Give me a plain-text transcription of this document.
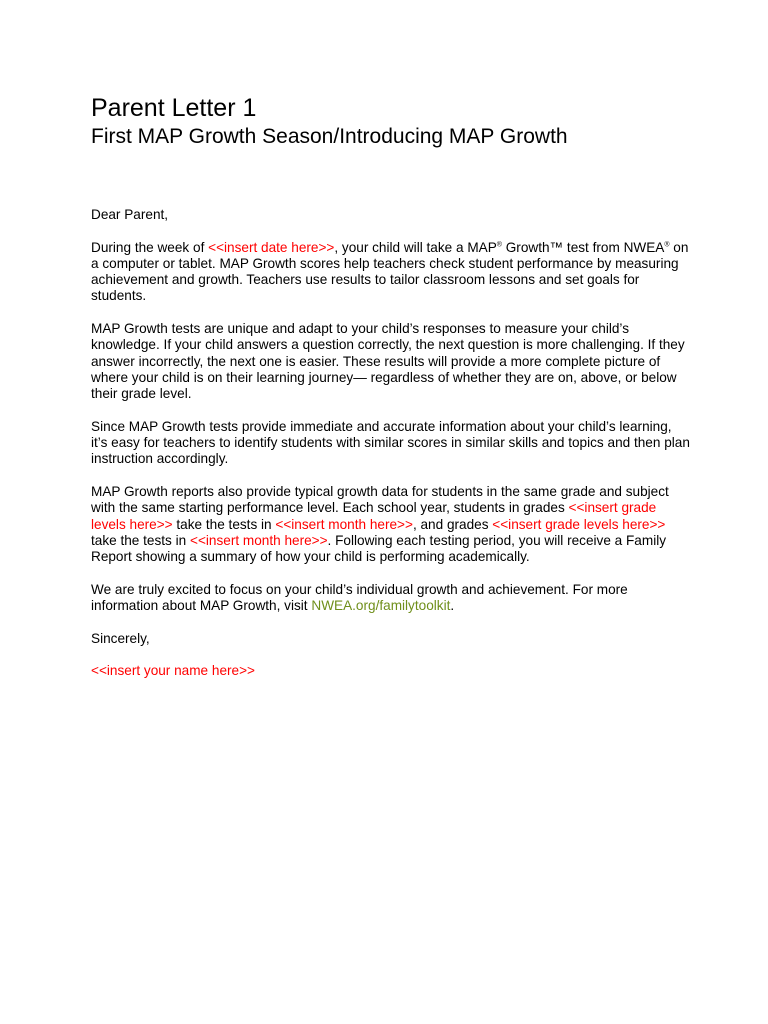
Parent Letter 1
First MAP Growth Season/Introducing MAP Growth

Dear Parent,

During the week of <<insert date here>>, your child will take a MAP® Growth™ test from NWEA® on a computer or tablet. MAP Growth scores help teachers check student performance by measuring achievement and growth. Teachers use results to tailor classroom lessons and set goals for students.

MAP Growth tests are unique and adapt to your child’s responses to measure your child’s knowledge. If your child answers a question correctly, the next question is more challenging. If they answer incorrectly, the next one is easier. These results will provide a more complete picture of where your child is on their learning journey— regardless of whether they are on, above, or below their grade level.

Since MAP Growth tests provide immediate and accurate information about your child’s learning, it’s easy for teachers to identify students with similar scores in similar skills and topics and then plan instruction accordingly.

MAP Growth reports also provide typical growth data for students in the same grade and subject with the same starting performance level. Each school year, students in grades <<insert grade levels here>> take the tests in <<insert month here>>, and grades <<insert grade levels here>> take the tests in <<insert month here>>. Following each testing period, you will receive a Family Report showing a summary of how your child is performing academically.

We are truly excited to focus on your child’s individual growth and achievement. For more information about MAP Growth, visit NWEA.org/familytoolkit.

Sincerely,

<<insert your name here>>
